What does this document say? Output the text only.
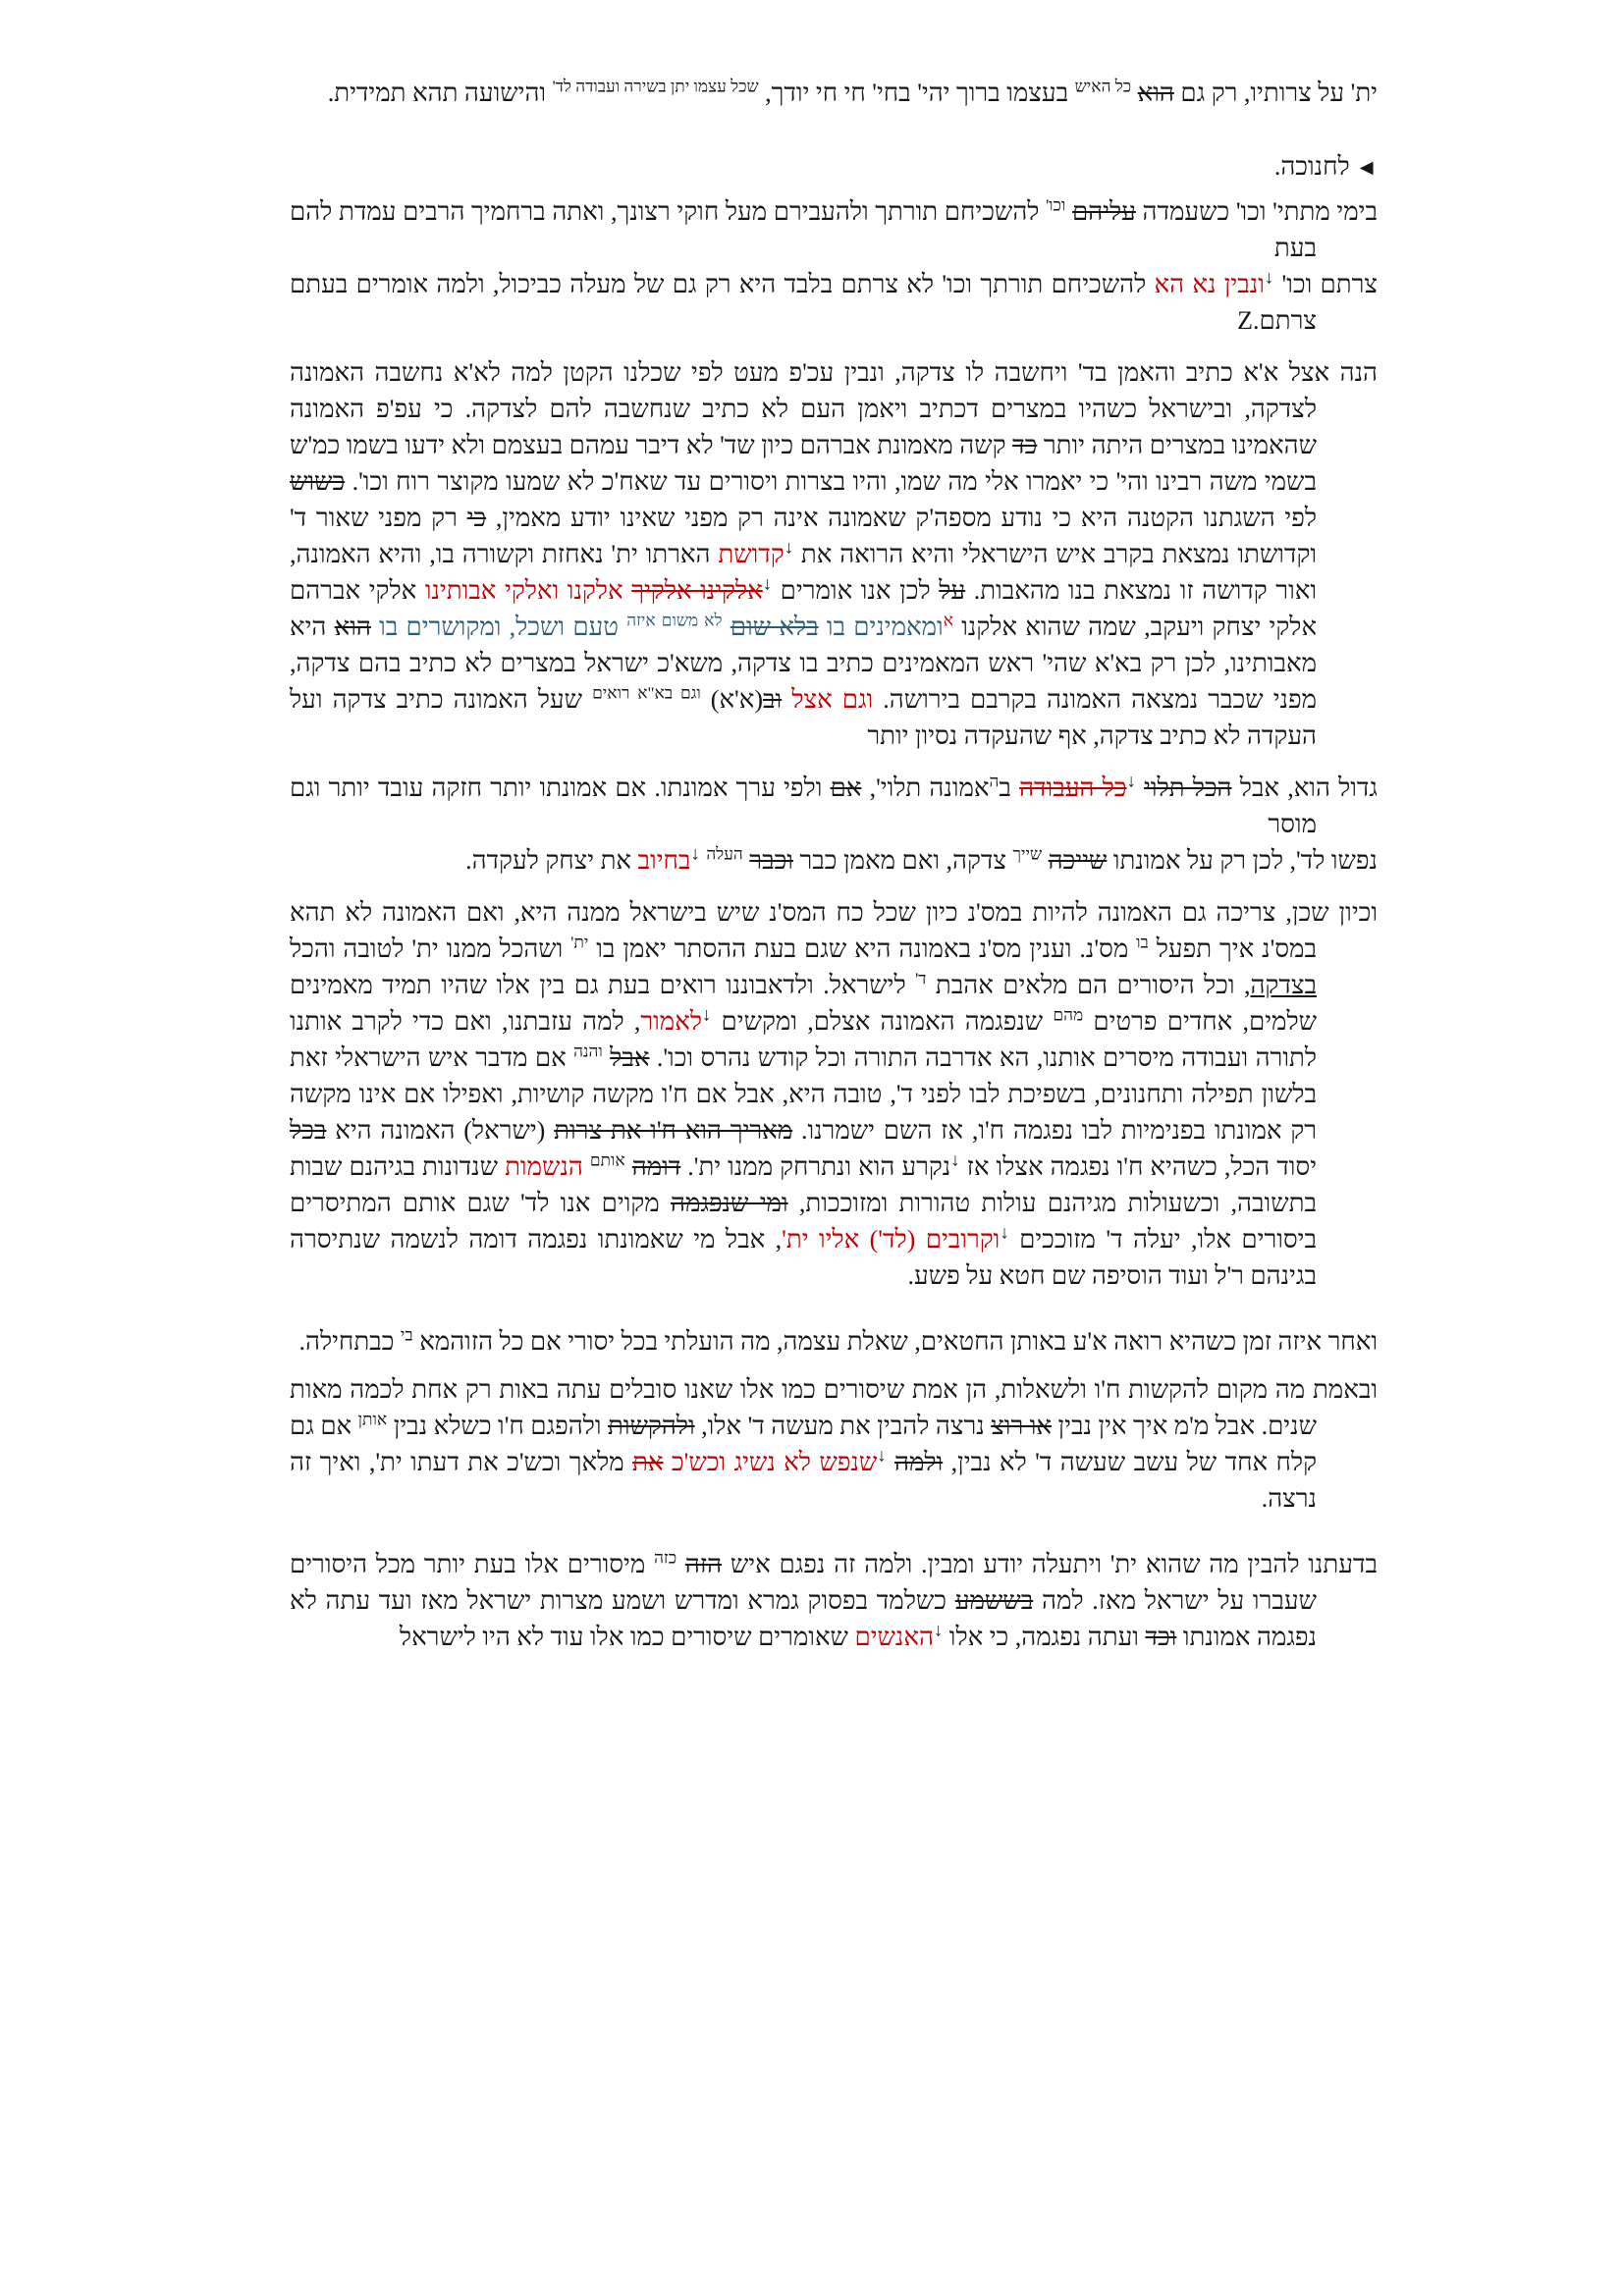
ית' על צרותיו, רק גם הוא $^{כל האיש}$ בעצמו ברוך יהי' בחי' חי חי יודך, $^{שכל עצמו יתן בשירה ועבודה לד'}$ והישועה תהא תמידית.
◄ לחנוכה.
בימי מתתי' וכו' כשעמדה עליהם $^{וכו'}$ להשכיחם תורתך ולהעבירם מעל חוקי רצונך, ואתה ברחמיך הרבים עמדת להם בעת
צרתם וכו' ↓ונבין נא הא להשכיחם תורתך וכו' לא צרתם בלבד היא רק גם של מעלה כביכול, ולמה אומרים בעתם צרתם.Z
הנה אצל א'א כתיב והאמן בד' ויחשבה לו צדקה, ונבין עכ'פ מעט לפי שכלנו הקטן למה לא'א נחשבה האמונה לצדקה, ובישראל כשהיו במצרים דכתיב ויאמן העם לא כתיב שנחשבה להם לצדקה. כי עפ'פ האמונה שהאמינו במצרים היתה יותר כד קשה מאמונת אברהם כיון שד' לא דיבר עמהם בעצמם ולא ידעו בשמו כמ'ש בשמי משה רבינו והי' כי יאמרו אלי מה שמו, והיו בצרות ויסורים עד שאח'כ לא שמעו מקוצר רוח וכו'. כשוש לפי השגתנו הקטנה היא כי נודע מספה'ק שאמונה אינה רק מפני שאינו יודע מאמין, כי רק מפני שאור ד' וקדושתו נמצאת בקרב איש הישראלי והיא הרואה את ↓קדושת הארתו ית' נאחזת וקשורה בו, והיא האמונה, ואור קדושה זו נמצאת בנו מהאבות. על לכן אנו אומרים ↓אלקינו אלקיך אלקנו ואלקי אבותינו אלקי אברהם אלקי יצחק ויעקב, שמה שהוא אלקנו $^א$ומאמינים בו בלא שום $^{לא משום איזה}$ טעם ושכל, ומקושרים בו הוא היא מאבותינו, לכן רק בא'א שהי' ראש המאמינים כתיב בו צדקה, משא'כ ישראל במצרים לא כתיב בהם צדקה, מפני שכבר נמצאה האמונה בקרבם בירושה. וגם אצל וב(א'א) $^{וגם בא"א רואים}$ שעל האמונה כתיב צדקה ועל העקדה לא כתיב צדקה, אף שהעקדה נסיון יותר
גדול הוא, אבל הכל תלוי ↓כל העבודה ב$^ה$אמונה תלוי', אם ולפי ערך אמונתו. אם אמונתו יותר חזקה עובד יותר וגם מוסר
נפשו לד', לכן רק על אמונתו שייכה $^{שייך}$ צדקה, ואם מאמן כבר וכבר $^{העלה}$ ↓בחיוב את יצחק לעקדה.
וכיון שכן, צריכה גם האמונה להיות במס'נ כיון שכל כח המס'נ שיש בישראל ממנה היא, ואם האמונה לא תהא במס'נ איך תפעל $^{בו}$ מס'נ. וענין מס'נ באמונה היא שגם בעת ההסתר יאמן בו $^{ית'}$ ושהכל ממנו ית' לטובה והכל בצדקה, וכל היסורים הם מלאים אהבת $^{ד'}$ לישראל. ולדאבוננו רואים בעת גם בין אלו שהיו תמיד מאמינים שלמים, אחדים פרטים $^{מהם}$ שנפגמה האמונה אצלם, ומקשים ↓לאמור, למה עזבתנו, ואם כדי לקרב אותנו לתורה ועבודה מיסרים אותנו, הא אדרבה התורה וכל קודש נהרס וכו'. אבל $^{והנה}$ אם מדבר איש הישראלי זאת בלשון תפילה ותחנונים, בשפיכת לבו לפני ד', טובה היא, אבל אם ח'ו מקשה קושיות, ואפילו אם אינו מקשה רק אמונתו בפנימיות לבו נפגמה ח'ו, אז השם ישמרנו. מאריך הוא ח'ו את צרות (ישראל) האמונה היא בכל יסוד הכל, כשהיא ח'ו נפגמה אצלו אז ↓נקרע הוא ונתרחק ממנו ית'. דומה $^{אותם}$ הנשמות שנדונות בגיהנם שבות בתשובה, וכשעולות מגיהנם עולות טהורות ומזוככות, ומי שנפגמה מקוים אנו לד' שגם אותם המתיסרים ביסורים אלו, יעלה ד' מזוככים ↓וקרובים (לד') אליו ית', אבל מי שאמונתו נפגמה דומה לנשמה שנתיסרה בגינהם ר'ל ועוד הוסיפה שם חטא על פשע.
ואחר איזה זמן כשהיא רואה א'ע באותן החטאים, שאלת עצמה, מה הועלתי בכל יסורי אם כל הזוהמא $^{בי}$ כבתחילה.
ובאמת מה מקום להקשות ח'ו ולשאלות, הן אמת שיסורים כמו אלו שאנו סובלים עתה באות רק אחת לכמה מאות שנים. אבל מ'מ איך אין נבין או רוצ נרצה להבין את מעשה ד' אלו, ולהקשות ולהפגם ח'ו כשלא נבין $^{אותן}$ אם גם קלח אחד של עשב שעשה ד' לא נבין, ולמה ↓שנפש לא נשיג וכש'כ את מלאך וכש'כ את דעתו ית', ואיך זה נרצה.
בדעתנו להבין מה שהוא ית' ויתעלה יודע ומבין. ולמה זה נפגם איש הזה $^{כזה}$ מיסורים אלו בעת יותר מכל היסורים שעברו על ישראל מאז. למה בששמע כשלמד בפסוק גמרא ומדרש ושמע מצרות ישראל מאז ועד עתה לא נפגמה אמונתו וכד ועתה נפגמה, כי אלו ↓האנשים שאומרים שיסורים כמו אלו עוד לא היו לישראל
